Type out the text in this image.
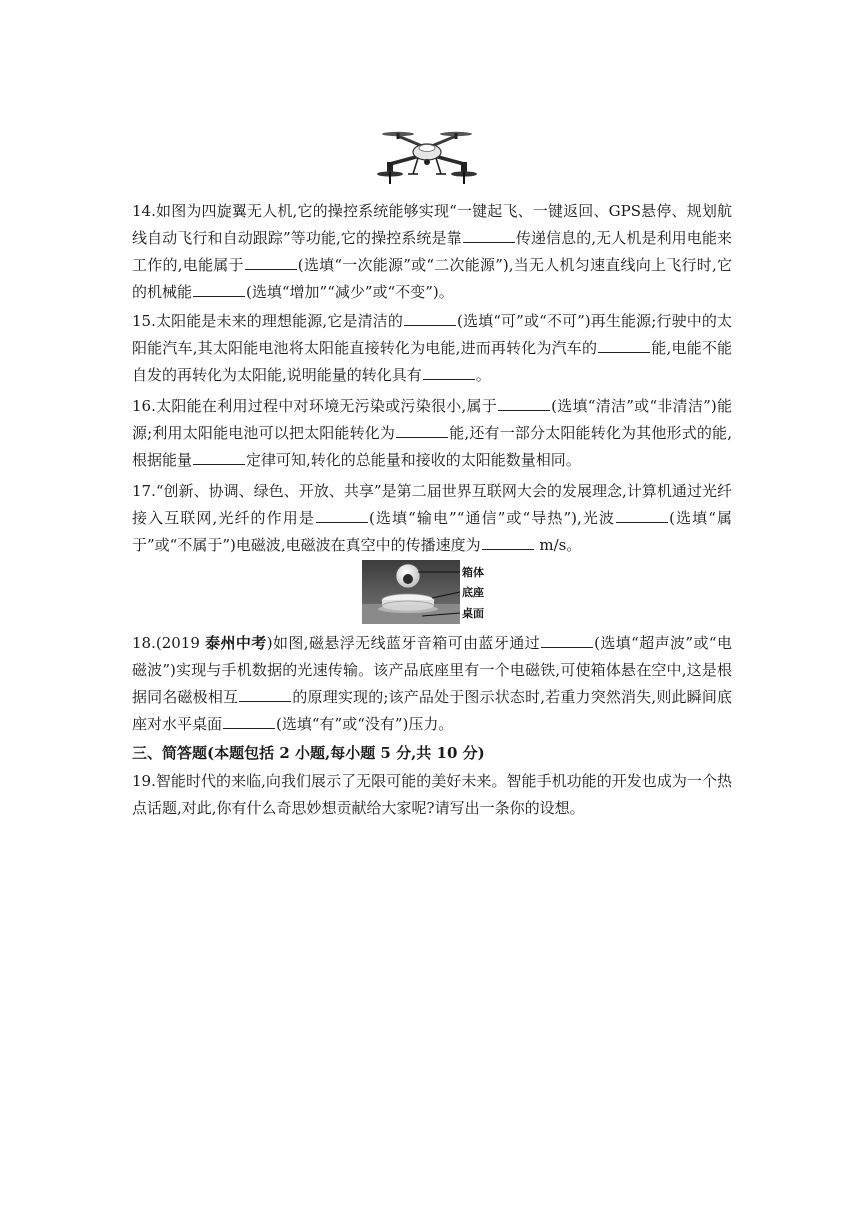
14.如图为四旋翼无人机,它的操控系统能够实现“一键起飞、一键返回、GPS悬停、规划航线自动飞行和自动跟踪”等功能,它的操控系统是靠	传递信息的,无人机是利用电能来工作的,电能属于	(选填“一次能源”或“二次能源”),当无人机匀速直线向上飞行时,它的机械能	(选填“增加”“减少”或“不变”)。

15.太阳能是未来的理想能源,它是清洁的	(选填“可”或“不可”)再生能源;行驶中的太阳能汽车,其太阳能电池将太阳能直接转化为电能,进而再转化为汽车的	能,电能不能自发的再转化为太阳能,说明能量的转化具有	。

16.太阳能在利用过程中对环境无污染或污染很小,属于	(选填“清洁”或“非清洁”)能源;利用太阳能电池可以把太阳能转化为	能,还有一部分太阳能转化为其他形式的能,根据能量	定律可知,转化的总能量和接收的太阳能数量相同。

17.“创新、协调、绿色、开放、共享”是第二届世界互联网大会的发展理念,计算机通过光纤接入互联网,光纤的作用是	(选填“输电”“通信”或“导热”),光波	(选填“属于”或“不属于”)电磁波,电磁波在真空中的传播速度为	m/s。

箱体
底座
桌面

18.(2019 泰州中考)如图,磁悬浮无线蓝牙音箱可由蓝牙通过	(选填“超声波”或“电磁波”)实现与手机数据的光速传输。该产品底座里有一个电磁铁,可使箱体悬在空中,这是根据同名磁极相互	的原理实现的;该产品处于图示状态时,若重力突然消失,则此瞬间底座对水平桌面	(选填“有”或“没有”)压力。

三、简答题(本题包括 2 小题,每小题 5 分,共 10 分)

19.智能时代的来临,向我们展示了无限可能的美好未来。智能手机功能的开发也成为一个热点话题,对此,你有什么奇思妙想贡献给大家呢?请写出一条你的设想。
